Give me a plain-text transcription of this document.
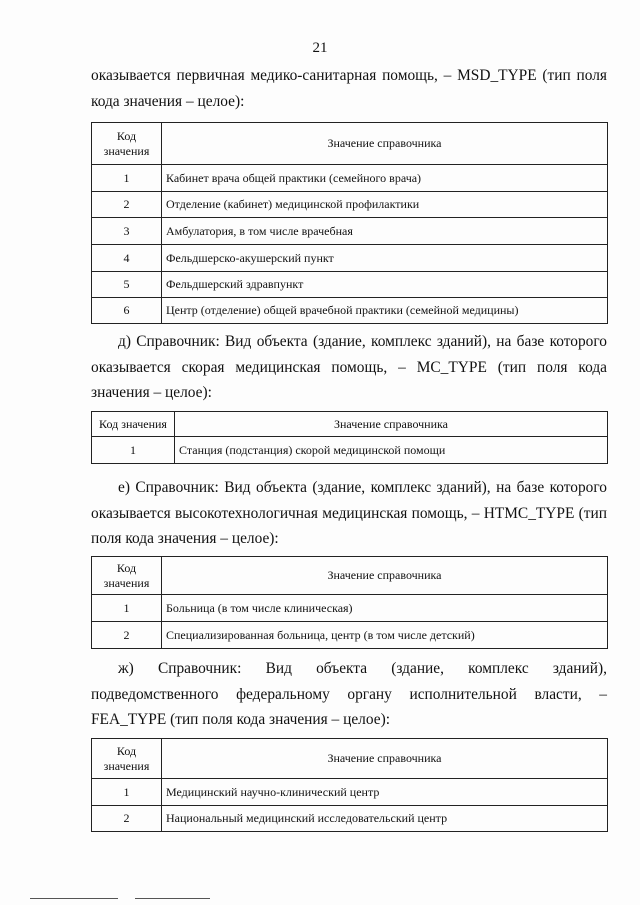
21

оказывается первичная медико-санитарная помощь, – MSD_TYPE (тип поля кода значения – целое):

Код значения	Значение справочника
1	Кабинет врача общей практики (семейного врача)
2	Отделение (кабинет) медицинской профилактики
3	Амбулатория, в том числе врачебная
4	Фельдшерско-акушерский пункт
5	Фельдшерский здравпункт
6	Центр (отделение) общей врачебной практики (семейной медицины)

д) Справочник: Вид объекта (здание, комплекс зданий), на базе которого оказывается скорая медицинская помощь, – MC_TYPE (тип поля кода значения – целое):

Код значения	Значение справочника
1	Станция (подстанция) скорой медицинской помощи

е) Справочник: Вид объекта (здание, комплекс зданий), на базе которого оказывается высокотехнологичная медицинская помощь, – HTMC_TYPE (тип поля кода значения – целое):

Код значения	Значение справочника
1	Больница (в том числе клиническая)
2	Специализированная больница, центр (в том числе детский)

ж) Справочник: Вид объекта (здание, комплекс зданий), подведомственного федеральному органу исполнительной власти, – FEA_TYPE (тип поля кода значения – целое):

Код значения	Значение справочника
1	Медицинский научно-клинический центр
2	Национальный медицинский исследовательский центр
